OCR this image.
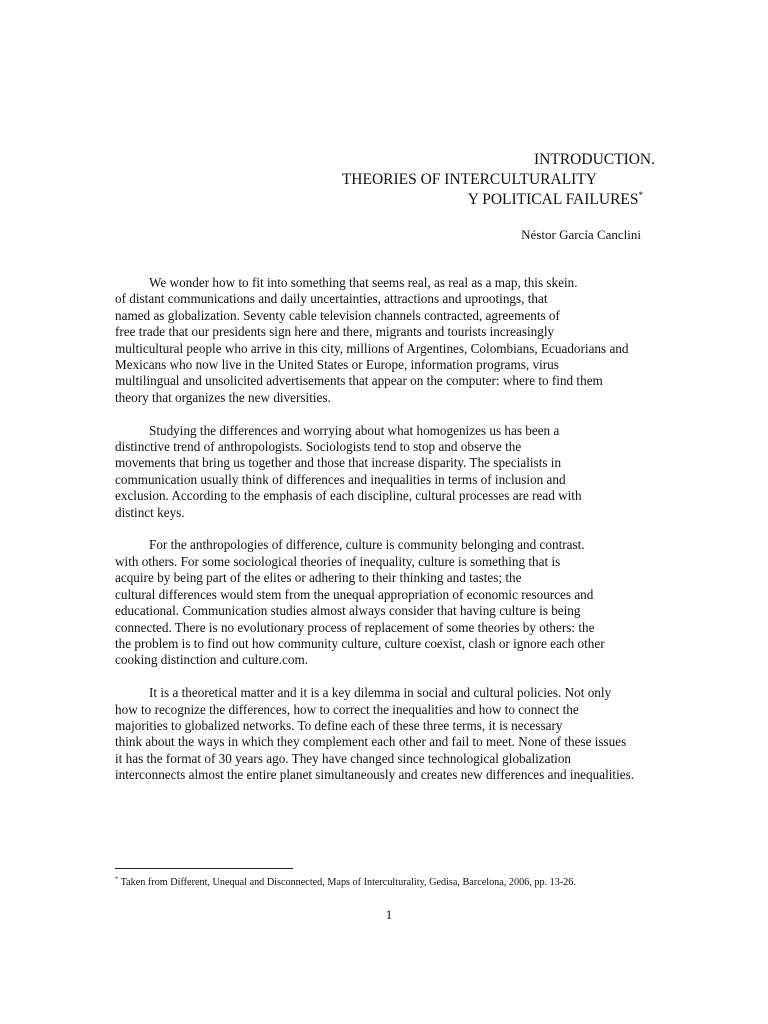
INTRODUCTION.
THEORIES OF INTERCULTURALITY
Y POLITICAL FAILURES*
Néstor García Canclini

We wonder how to fit into something that seems real, as real as a map, this skein.
of distant communications and daily uncertainties, attractions and uprootings, that
named as globalization. Seventy cable television channels contracted, agreements of
free trade that our presidents sign here and there, migrants and tourists increasingly
multicultural people who arrive in this city, millions of Argentines, Colombians, Ecuadorians and
Mexicans who now live in the United States or Europe, information programs, virus
multilingual and unsolicited advertisements that appear on the computer: where to find them
theory that organizes the new diversities.

Studying the differences and worrying about what homogenizes us has been a
distinctive trend of anthropologists. Sociologists tend to stop and observe the
movements that bring us together and those that increase disparity. The specialists in
communication usually think of differences and inequalities in terms of inclusion and
exclusion. According to the emphasis of each discipline, cultural processes are read with
distinct keys.

For the anthropologies of difference, culture is community belonging and contrast.
with others. For some sociological theories of inequality, culture is something that is
acquire by being part of the elites or adhering to their thinking and tastes; the
cultural differences would stem from the unequal appropriation of economic resources and
educational. Communication studies almost always consider that having culture is being
connected. There is no evolutionary process of replacement of some theories by others: the
the problem is to find out how community culture, culture coexist, clash or ignore each other
cooking distinction and culture.com.

It is a theoretical matter and it is a key dilemma in social and cultural policies. Not only
how to recognize the differences, how to correct the inequalities and how to connect the
majorities to globalized networks. To define each of these three terms, it is necessary
think about the ways in which they complement each other and fail to meet. None of these issues
it has the format of 30 years ago. They have changed since technological globalization
interconnects almost the entire planet simultaneously and creates new differences and inequalities.

* Taken from Different, Unequal and Disconnected, Maps of Interculturality, Gedisa, Barcelona, 2006, pp. 13-26.
1
